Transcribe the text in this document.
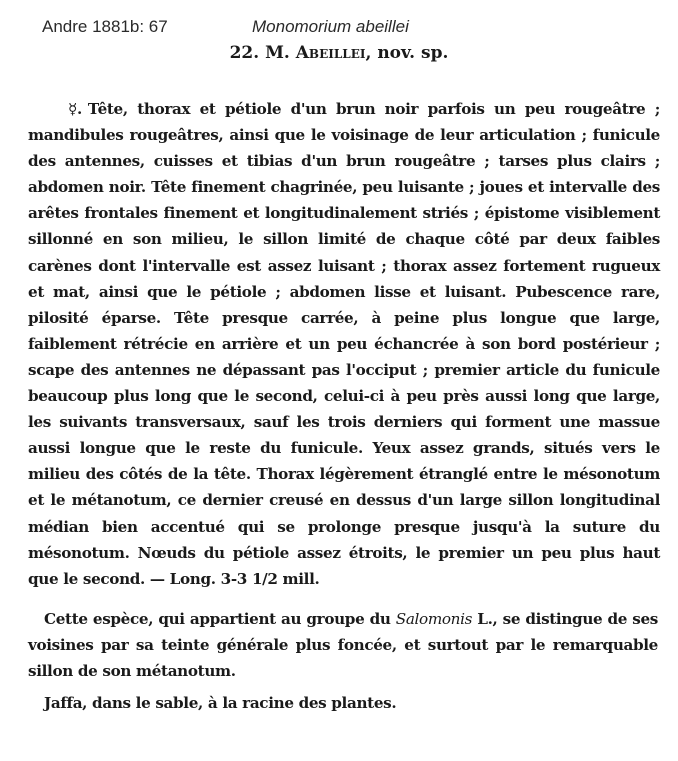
Andre 1881b: 67	Monomorium abeillei
22. M. Abeillei, nov. sp.
☿. Tête, thorax et pétiole d'un brun noir parfois un peu rougeâtre ; mandibules rougeâtres, ainsi que le voisinage de leur articulation ; funicule des antennes, cuisses et tibias d'un brun rougeâtre ; tarses plus clairs ; abdomen noir. Tête finement chagrinée, peu luisante ; joues et intervalle des arêtes frontales finement et longitudinalement striés ; épistome visiblement sillonné en son milieu, le sillon limité de chaque côté par deux faibles carènes dont l'intervalle est assez luisant ; thorax assez fortement rugueux et mat, ainsi que le pétiole ; abdomen lisse et luisant. Pubescence rare, pilosité éparse. Tête presque carrée, à peine plus longue que large, faiblement rétrécie en arrière et un peu échancrée à son bord postérieur ; scape des antennes ne dépassant pas l'occiput ; premier article du funicule beaucoup plus long que le second, celui-ci à peu près aussi long que large, les suivants transversaux, sauf les trois derniers qui forment une massue aussi longue que le reste du funicule. Yeux assez grands, situés vers le milieu des côtés de la tête. Thorax légèrement étranglé entre le mésonotum et le métanotum, ce dernier creusé en dessus d'un large sillon longitudinal médian bien accentué qui se prolonge presque jusqu'à la suture du mésonotum. Nœuds du pétiole assez étroits, le premier un peu plus haut que le second. — Long. 3-3 1/2 mill.
Cette espèce, qui appartient au groupe du Salomonis L., se distingue de ses voisines par sa teinte générale plus foncée, et surtout par le remarquable sillon de son métanotum.
Jaffa, dans le sable, à la racine des plantes.
